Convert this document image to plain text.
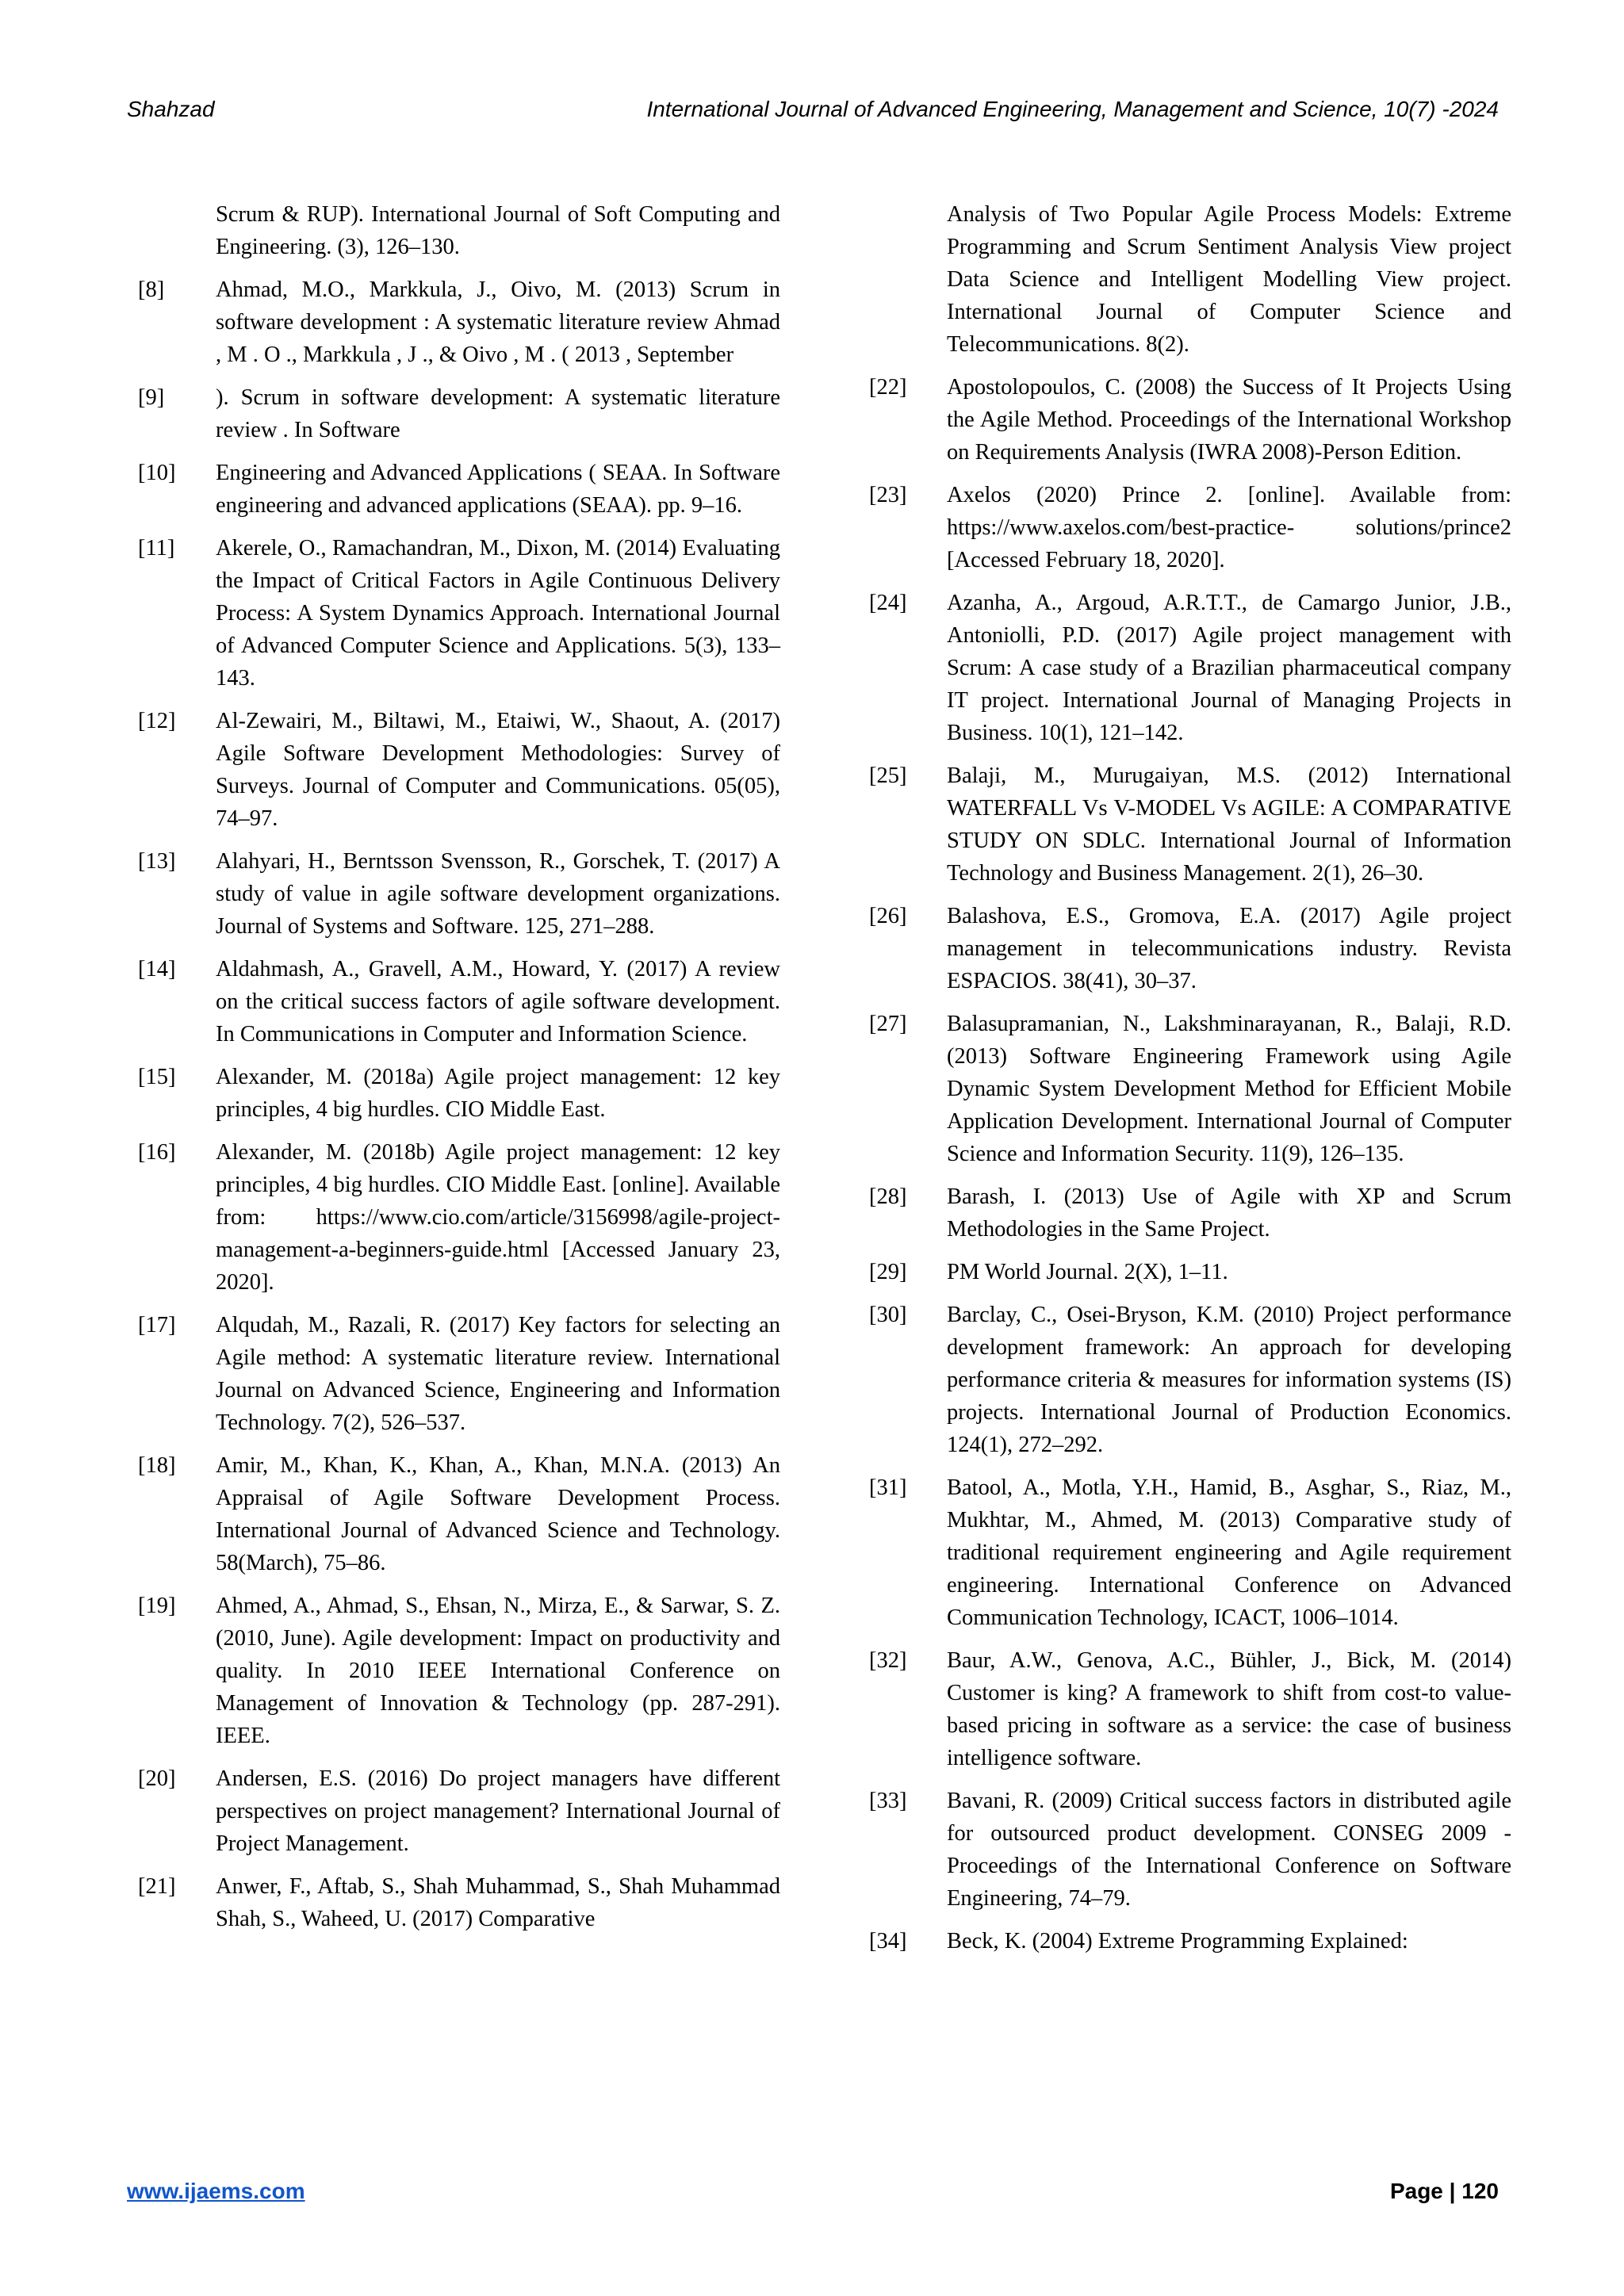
Shahzad	International Journal of Advanced Engineering, Management and Science, 10(7) -2024
Scrum & RUP). International Journal of Soft Computing and Engineering. (3), 126–130.
[8]	Ahmad, M.O., Markkula, J., Oivo, M. (2013) Scrum in software development : A systematic literature review Ahmad , M . O ., Markkula , J ., & Oivo , M . ( 2013 , September
[9]	). Scrum in software development: A systematic literature review . In Software
[10]	Engineering and Advanced Applications ( SEAA. In Software engineering and advanced applications (SEAA). pp. 9–16.
[11]	Akerele, O., Ramachandran, M., Dixon, M. (2014) Evaluating the Impact of Critical Factors in Agile Continuous Delivery Process: A System Dynamics Approach. International Journal of Advanced Computer Science and Applications. 5(3), 133–143.
[12]	Al-Zewairi, M., Biltawi, M., Etaiwi, W., Shaout, A. (2017) Agile Software Development Methodologies: Survey of Surveys. Journal of Computer and Communications. 05(05), 74–97.
[13]	Alahyari, H., Berntsson Svensson, R., Gorschek, T. (2017) A study of value in agile software development organizations. Journal of Systems and Software. 125, 271–288.
[14]	Aldahmash, A., Gravell, A.M., Howard, Y. (2017) A review on the critical success factors of agile software development. In Communications in Computer and Information Science.
[15]	Alexander, M. (2018a) Agile project management: 12 key principles, 4 big hurdles. CIO Middle East.
[16]	Alexander, M. (2018b) Agile project management: 12 key principles, 4 big hurdles. CIO Middle East. [online]. Available from: https://www.cio.com/article/3156998/agile-project-management-a-beginners-guide.html [Accessed January 23, 2020].
[17]	Alqudah, M., Razali, R. (2017) Key factors for selecting an Agile method: A systematic literature review. International Journal on Advanced Science, Engineering and Information Technology. 7(2), 526–537.
[18]	Amir, M., Khan, K., Khan, A., Khan, M.N.A. (2013) An Appraisal of Agile Software Development Process. International Journal of Advanced Science and Technology. 58(March), 75–86.
[19]	Ahmed, A., Ahmad, S., Ehsan, N., Mirza, E., & Sarwar, S. Z. (2010, June). Agile development: Impact on productivity and quality. In 2010 IEEE International Conference on Management of Innovation & Technology (pp. 287-291). IEEE.
[20]	Andersen, E.S. (2016) Do project managers have different perspectives on project management? International Journal of Project Management.
[21]	Anwer, F., Aftab, S., Shah Muhammad, S., Shah Muhammad Shah, S., Waheed, U. (2017) Comparative
Analysis of Two Popular Agile Process Models: Extreme Programming and Scrum Sentiment Analysis View project Data Science and Intelligent Modelling View project. International Journal of Computer Science and Telecommunications. 8(2).
[22]	Apostolopoulos, C. (2008) the Success of It Projects Using the Agile Method. Proceedings of the International Workshop on Requirements Analysis (IWRA 2008)-Person Edition.
[23]	Axelos (2020) Prince 2. [online]. Available from: https://www.axelos.com/best-practice- solutions/prince2 [Accessed February 18, 2020].
[24]	Azanha, A., Argoud, A.R.T.T., de Camargo Junior, J.B., Antoniolli, P.D. (2017) Agile project management with Scrum: A case study of a Brazilian pharmaceutical company IT project. International Journal of Managing Projects in Business. 10(1), 121–142.
[25]	Balaji, M., Murugaiyan, M.S. (2012) International WATERFALL Vs V-MODEL Vs AGILE: A COMPARATIVE STUDY ON SDLC. International Journal of Information Technology and Business Management. 2(1), 26–30.
[26]	Balashova, E.S., Gromova, E.A. (2017) Agile project management in telecommunications industry. Revista ESPACIOS. 38(41), 30–37.
[27]	Balasupramanian, N., Lakshminarayanan, R., Balaji, R.D. (2013) Software Engineering Framework using Agile Dynamic System Development Method for Efficient Mobile Application Development. International Journal of Computer Science and Information Security. 11(9), 126–135.
[28]	Barash, I. (2013) Use of Agile with XP and Scrum Methodologies in the Same Project.
[29]	PM World Journal. 2(X), 1–11.
[30]	Barclay, C., Osei-Bryson, K.M. (2010) Project performance development framework: An approach for developing performance criteria & measures for information systems (IS) projects. International Journal of Production Economics. 124(1), 272–292.
[31]	Batool, A., Motla, Y.H., Hamid, B., Asghar, S., Riaz, M., Mukhtar, M., Ahmed, M. (2013) Comparative study of traditional requirement engineering and Agile requirement engineering. International Conference on Advanced Communication Technology, ICACT, 1006–1014.
[32]	Baur, A.W., Genova, A.C., Bühler, J., Bick, M. (2014) Customer is king? A framework to shift from cost-to value-based pricing in software as a service: the case of business intelligence software.
[33]	Bavani, R. (2009) Critical success factors in distributed agile for outsourced product development. CONSEG 2009 - Proceedings of the International Conference on Software Engineering, 74–79.
[34]	Beck, K. (2004) Extreme Programming Explained:
www.ijaems.com	Page | 120
